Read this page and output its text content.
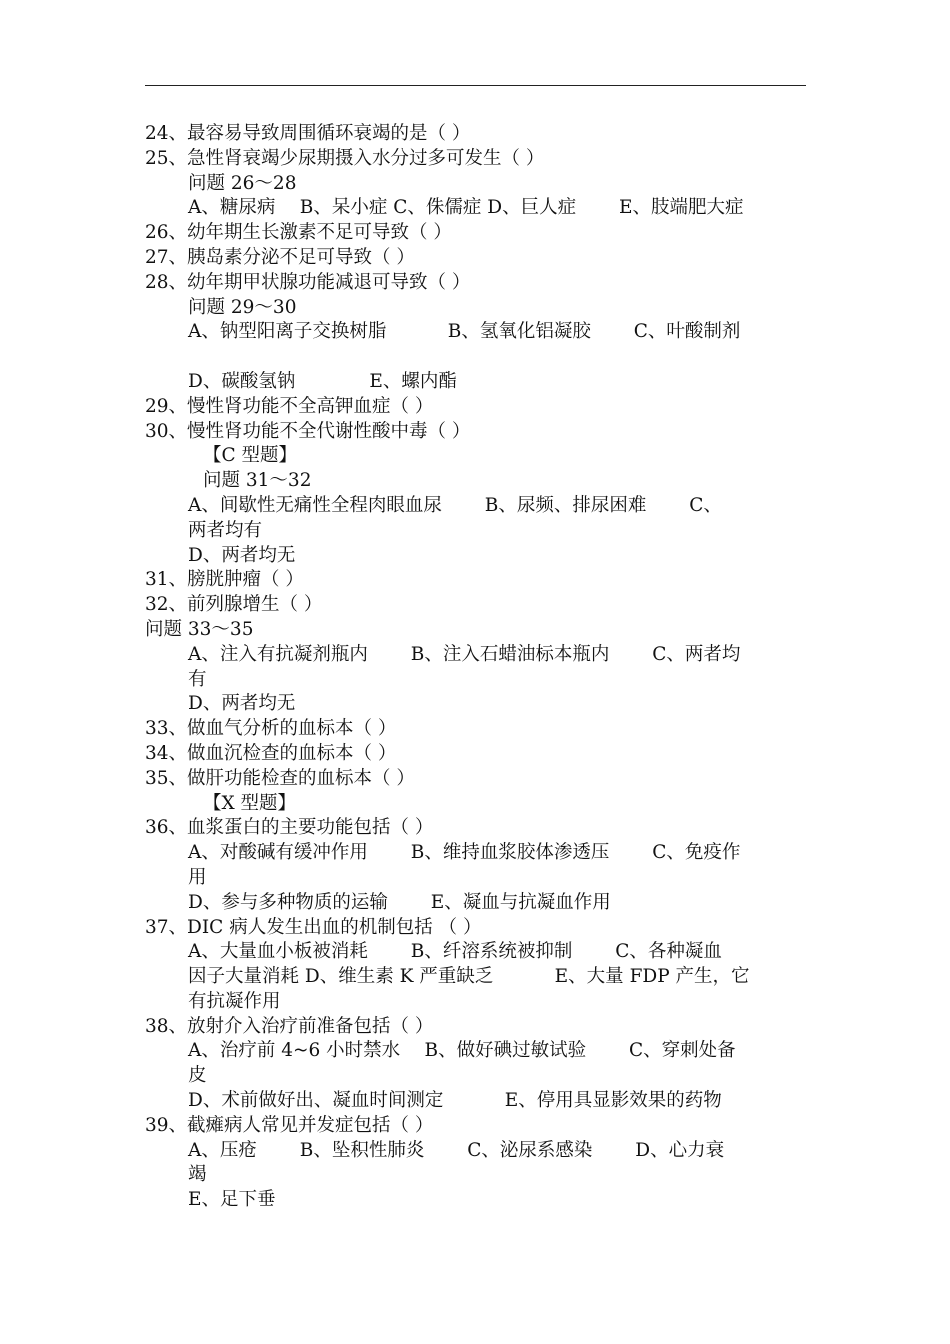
24、最容易导致周围循环衰竭的是（ ）
25、急性肾衰竭少尿期摄入水分过多可发生（ ）
问题 26～28
A、糖尿病　 B、呆小症 C、侏儒症 D、巨人症　　 E、肢端肥大症
26、幼年期生长激素不足可导致（ ）
27、胰岛素分泌不足可导致（ ）
28、幼年期甲状腺功能减退可导致（ ）
问题 29～30
A、钠型阳离子交换树脂　　　 B、氢氧化铝凝胶　　 C、叶酸制剂
D、碳酸氢钠　　　　E、螺内酯
29、慢性肾功能不全高钾血症（ ）
30、慢性肾功能不全代谢性酸中毒（ ）
【C 型题】
问题 31～32
A、间歇性无痛性全程肉眼血尿　　 B、尿频、排尿困难　　 C、
两者均有
D、两者均无
31、膀胱肿瘤（ ）
32、前列腺增生（ ）
问题 33～35
A、注入有抗凝剂瓶内　　 B、注入石蜡油标本瓶内　　 C、两者均
有
D、两者均无
33、做血气分析的血标本（ ）
34、做血沉检查的血标本（ ）
35、做肝功能检查的血标本（ ）
【X 型题】
36、血浆蛋白的主要功能包括（ ）
A、对酸碱有缓冲作用　　 B、维持血浆胶体渗透压　　 C、免疫作
用
D、参与多种物质的运输　　 E、凝血与抗凝血作用
37、DIC 病人发生出血的机制包括 （ ）
A、大量血小板被消耗　　 B、纤溶系统被抑制　　 C、各种凝血
因子大量消耗 D、维生素 K 严重缺乏　　　 E、大量 FDP 产生，它
有抗凝作用
38、放射介入治疗前准备包括（ ）
A、治疗前 4~6 小时禁水　 B、做好碘过敏试验　　 C、穿刺处备
皮
D、术前做好出、凝血时间测定　　　 E、停用具显影效果的药物
39、截瘫病人常见并发症包括（ ）
A、压疮　　 B、坠积性肺炎　　 C、泌尿系感染　　 D、心力衰
竭
E、足下垂
